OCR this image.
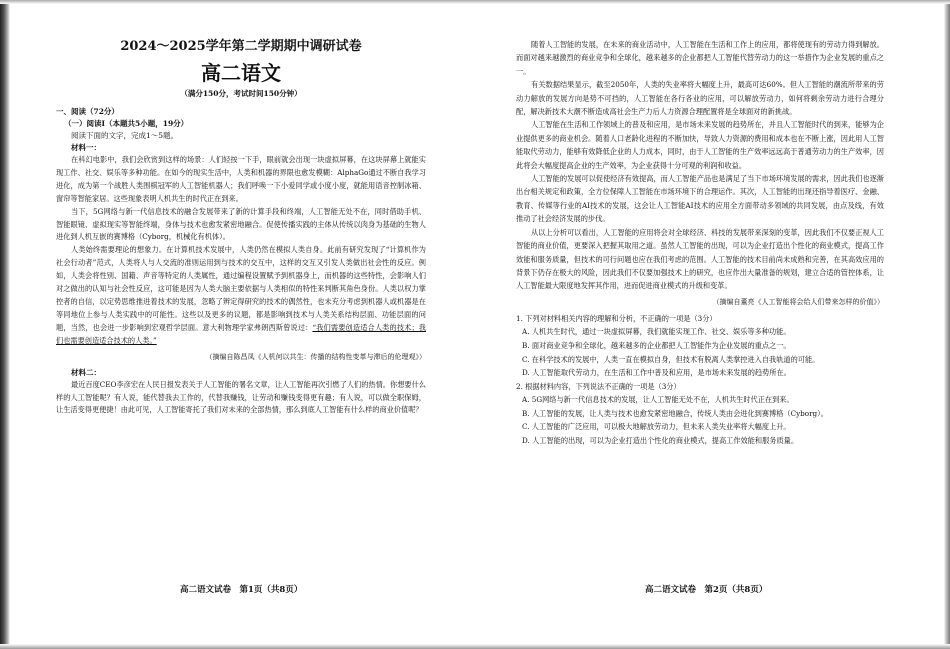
2024～2025学年第二学期期中调研试卷

高二语文

（满分150分，考试时间150分钟）

一、阅读（72分）

（一）阅读Ⅰ（本题共5小题，19分）

阅读下面的文字，完成1～5题。

材料一：

在科幻电影中，我们会欣赏到这样的场景：人们轻按一下手，眼前就会出现一块虚拟屏幕，在这块屏幕上就能实现工作、社交、娱乐等多种功能。在如今的现实生活中，人类和机器的界限也愈发模糊：AlphaGo通过不断自我学习进化，成为第一个战胜人类围棋冠军的人工智能机器人；我们呼唤一下小爱同学或小度小度，就能用语音控制冰箱、窗帘等智能家居。这些现象表明人机共生的时代正在到来。

当下，5G网络与新一代信息技术的融合发展带来了新的计算手段和终端，人工智能无处不在，同时借助手机、智能眼镜、虚拟现实等智能终端，身体与技术也愈发紧密地融合。促使传播实践的主体从传统以肉身为基础的生物人进化到人机互嵌的赛博格（Cyborg，机械化有机体）。

人类始终需要理论的想象力。在计算机技术发展中，人类仍然在模拟人类自身。此前有研究发现了“计算机作为社会行动者”范式，人类将人与人交流的准则运用到与技术的交互中，这样的交互又引发人类做出社会性的反应。例如，人类会将性别、国籍、声音等特定的人类属性，通过编程设置赋予到机器身上，而机器的这些特性，会影响人们对之做出的认知与社会性反应，这可能是因为人类大脑主要依据与人类相似的特性来判断其角色身份。人类以权力掌控者的自信，以定势思维推进着技术的发展，忽略了辨定得研究的技术的偶然性，也未充分考虑到机器人或机器是在等同地位上参与人类实践中的可能性。这些以及更多的议题，都是影响到技术与人类关系结构层面、功能层面的问题，当然，也会进一步影响到宏观哲学层面。意大利物理学家弗朗西斯曾说过：“我们需要创造适合人类的技术；我们也需要创造适合技术的人类。”

（摘编自陈昌凤《人机何以共生：传播的结构性变革与滞后的伦理观》）

材料二：

最近百度CEO李彦宏在人民日报发表关于人工智能的署名文章，让人工智能再次引燃了人们的热情。你想要什么样的人工智能呢？有人说，能代替我去工作的，代替我赚钱，让劳动和赚钱变得更有趣；有人说，可以做全职保姆，让生活变得更便捷！由此可见，人工智能寄托了我们对未来的全部热情，那么到底人工智能有什么样的商业价值呢？

高二语文试卷　第1页（共8页）

随着人工智能的发展，在未来的商业活动中，人工智能在生活和工作上的应用，都将使现有的劳动力得到解放。而面对越来越激烈的商业竞争和全球化，越来越多的企业都把人工智能代替劳动力的这一举措作为企业发展的重点之一。

有关数据结果显示，截至2050年，人类的失业率将大幅度上升，最高可达60%。但人工智能的潮流所带来的劳动力解放的发展方向是势不可挡的，人工智能在各行各业的应用，可以解放劳动力，如何将剩余劳动力进行合理分配，解决新技术大潮不断造成高社会生产力后人力资源合理配置将是全球面对的新挑战。

人工智能在生活和工作领域上的普及和应用，是市场未来发展的趋势所在，并且人工智能时代的到来，能够为企业提供更多的商业机会。随着人口老龄化进程的不断加快，导致人力资源的费用和成本也在不断上涨，因此用人工智能取代劳动力，能够有效降低企业的人力成本，同时，由于人工智能的生产效率远远高于普通劳动力的生产效率，因此将会大幅度提高企业的生产效率，为企业获得十分可观的利润和收益。

人工智能的发展可以促使经济有效提高，而人工智能产品也是满足了当下市场环境发展的需求，因此我们也逐渐出台相关规定和政策，全方位保障人工智能在市场环境下的合理运作。其次，人工智能的出现还指导着医疗、金融、教育、传媒等行业的AI技术的发展，这会让人工智能AI技术的应用全方面带动多领域的共同发展，由点及线，有效推动了社会经济发展的步伐。

从以上分析可以看出，人工智能的应用将会对全球经济、科技的发展带来深刻的变革，因此我们不仅要正视人工智能的商业价值，更要深入把握其取用之道。虽然人工智能的出现，可以为企业打造出个性化的商业模式，提高工作效能和服务质量，但技术的可行问题也应在我们考虑的范围。人工智能的技术目前尚未成熟和完善，在其高效应用的背景下仍存在极大的风险，因此我们不仅要加强技术上的研究，也应作出大量准备的规划，建立合适的管控体系，让人工智能最大限度地发挥其作用，进而促进商业模式的升级和变革。

（摘编自董亮《人工智能将会给人们带来怎样的价值》）

1. 下列对材料相关内容的理解和分析，不正确的一项是（3分）

A. 人机共生时代，通过一块虚拟屏幕，我们就能实现工作、社交、娱乐等多种功能。

B. 面对商业竞争和全球化，越来越多的企业都把人工智能作为企业发展的重点之一。

C. 在科学技术的发展中，人类一直在模拟自身，但技术有脱离人类掌控进入自我轨道的可能。

D. 人工智能取代劳动力，在生活和工作中普及和应用，是市场未来发展的趋势所在。

2. 根据材料内容，下列说法不正确的一项是（3分）

A. 5G网络与新一代信息技术的发展，让人工智能无处不在，人机共生时代正在到来。

B. 人工智能的发展，让人类与技术也愈发紧密地融合，传统人类由会进化到赛博格（Cyborg）。

C. 人工智能的广泛应用，可以极大地解放劳动力，但未来人类失业率将大幅度上升。

D. 人工智能的出现，可以为企业打造出个性化的商业模式，提高工作效能和服务质量。

高二语文试卷　第2页（共8页）
